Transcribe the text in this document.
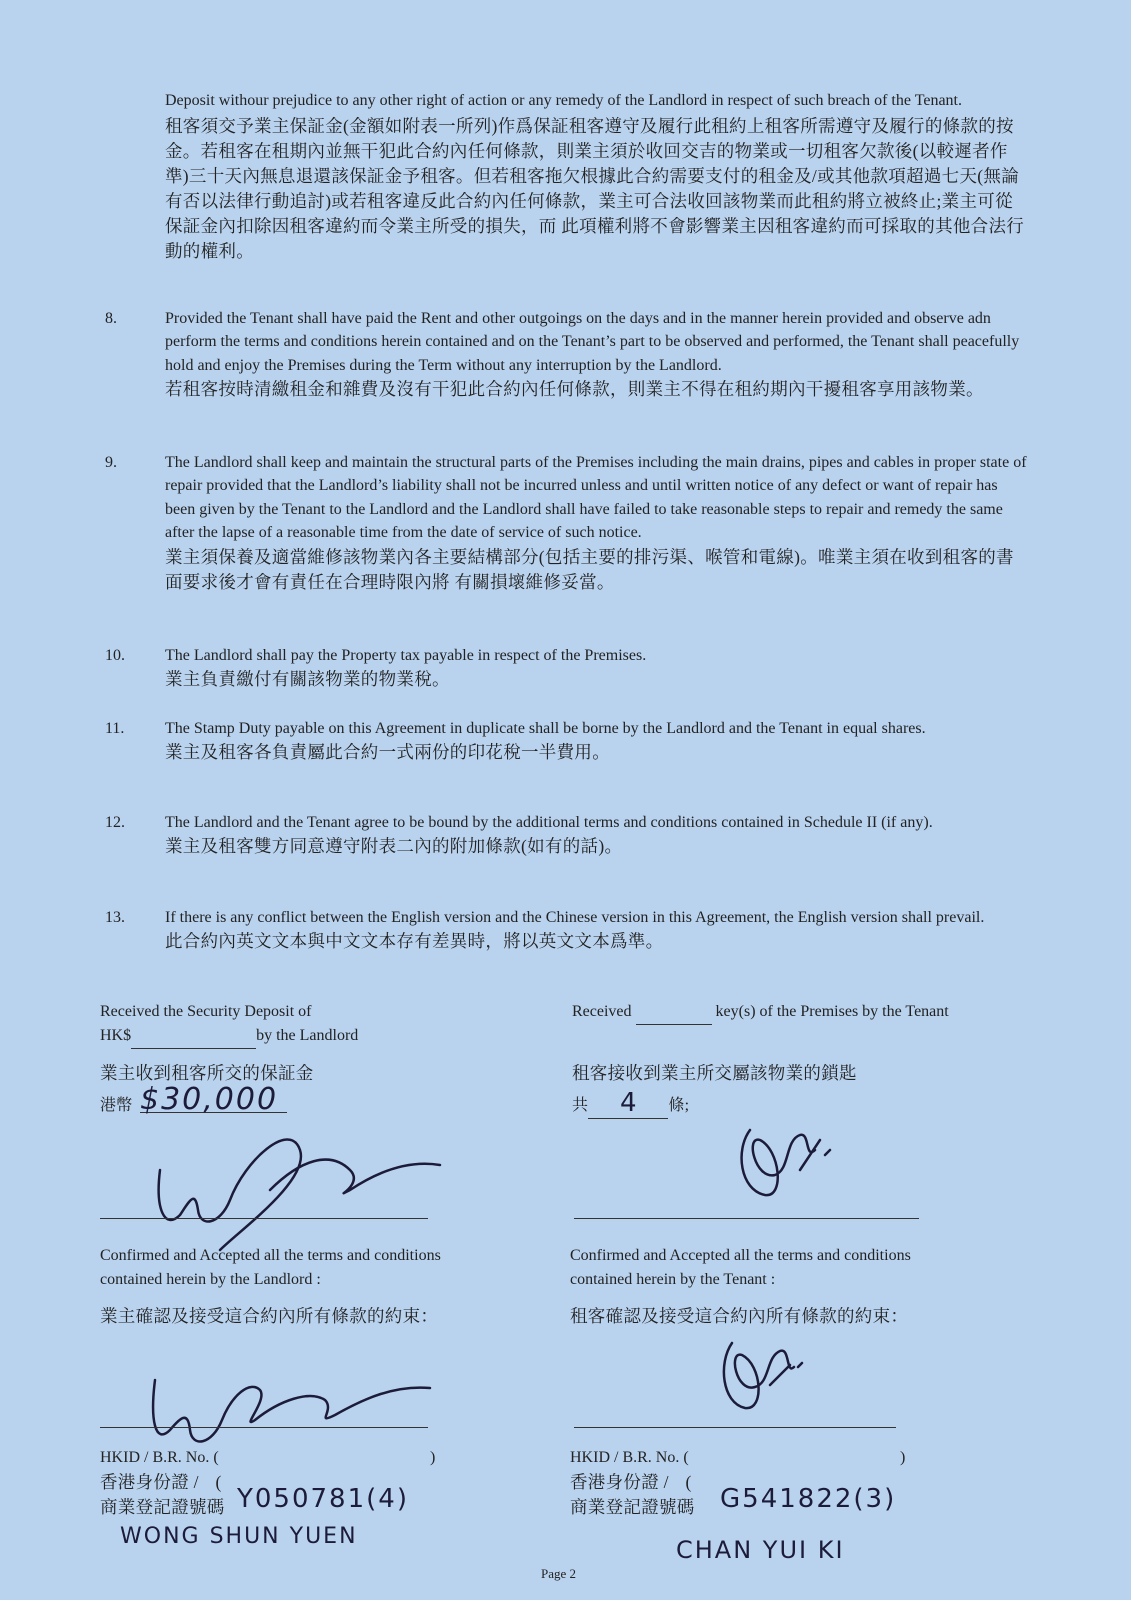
Deposit withour prejudice to any other right of action or any remedy of the Landlord in respect of such breach of the Tenant.
租客須交予業主保証金(金額如附表一所列)作爲保証租客遵守及履行此租約上租客所需遵守及履行的條款的按金。若租客在租期內並無干犯此合約內任何條款，則業主須於收回交吉的物業或一切租客欠款後(以較遲者作準)三十天內無息退還該保証金予租客。但若租客拖欠根據此合約需要支付的租金及/或其他款項超過七天(無論有否以法律行動追討)或若租客違反此合約內任何條款，業主可合法收回該物業而此租約將立被終止;業主可從保証金內扣除因租客違約而令業主所受的損失，而 此項權利將不會影響業主因租客違約而可採取的其他合法行動的權利。
8.	Provided the Tenant shall have paid the Rent and other outgoings on the days and in the manner herein provided and observe adn perform the terms and conditions herein contained and on the Tenant’s part to be observed and performed, the Tenant shall peacefully hold and enjoy the Premises during the Term without any interruption by the Landlord.
若租客按時清繳租金和雜費及沒有干犯此合約內任何條款，則業主不得在租約期內干擾租客享用該物業。
9.	The Landlord shall keep and maintain the structural parts of the Premises including the main drains, pipes and cables in proper state of repair provided that the Landlord’s liability shall not be incurred unless and until written notice of any defect or want of repair has been given by the Tenant to the Landlord and the Landlord shall have failed to take reasonable steps to repair and remedy the same after the lapse of a reasonable time from the date of service of such notice.
業主須保養及適當維修該物業內各主要結構部分(包括主要的排污渠、喉管和電線)。唯業主須在收到租客的書面要求後才會有責任在合理時限內將 有關損壞維修妥當。
10.	The Landlord shall pay the Property tax payable in respect of the Premises.
業主負責繳付有關該物業的物業稅。
11.	The Stamp Duty payable on this Agreement in duplicate shall be borne by the Landlord and the Tenant in equal shares.
業主及租客各負責屬此合約一式兩份的印花稅一半費用。
12.	The Landlord and the Tenant agree to be bound by the additional terms and conditions contained in Schedule II (if any).
業主及租客雙方同意遵守附表二內的附加條款(如有的話)。
13.	If there is any conflict between the English version and the Chinese version in this Agreement, the English version shall prevail.
此合約內英文文本與中文文本存有差異時，將以英文文本爲準。
Received the Security Deposit of
HK$	by the Landlord
業主收到租客所交的保証金
港幣 $30,000
Confirmed and Accepted all the terms and conditions
contained herein by the Landlord :
業主確認及接受這合約內所有條款的約束：
HKID / B.R. No. (	)
香港身份證 / (
商業登記證號碼 Y050781(4)
WONG SHUN YUEN
Received	key(s) of the Premises by the Tenant
租客接收到業主所交屬該物業的鎖匙
共	條;
4
Confirmed and Accepted all the terms and conditions
contained herein by the Tenant :
租客確認及接受這合約內所有條款的約束：
HKID / B.R. No. (	)
香港身份證 / (
商業登記證號碼 G541822(3)
CHAN YUI KI
Page 2
